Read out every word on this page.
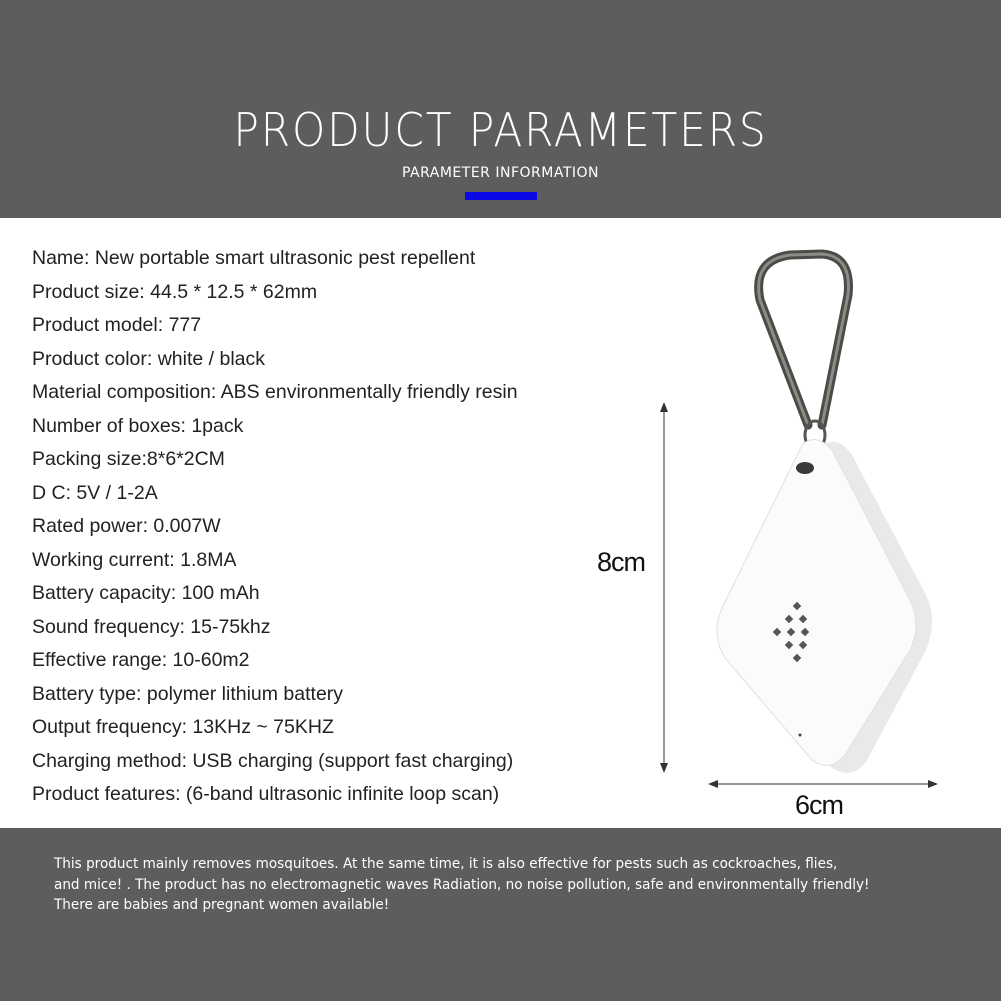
PRODUCT PARAMETERS
PARAMETER INFORMATION
Name: New portable smart ultrasonic pest repellent
Product size: 44.5 * 12.5 * 62mm
Product model: 777
Product color: white / black
Material composition: ABS environmentally friendly resin
Number of boxes: 1pack
Packing size:8*6*2CM
D C: 5V / 1-2A
Rated power: 0.007W
Working current: 1.8MA
Battery capacity: 100 mAh
Sound frequency: 15-75khz
Effective range: 10-60m2
Battery type: polymer lithium battery
Output frequency: 13KHz ~ 75KHZ
Charging method: USB charging (support fast charging)
Product features: (6-band ultrasonic infinite loop scan)
8cm
6cm
This product mainly removes mosquitoes. At the same time, it is also effective for pests such as cockroaches, flies,
and mice! . The product has no electromagnetic waves Radiation, no noise pollution, safe and environmentally friendly!
There are babies and pregnant women available!
